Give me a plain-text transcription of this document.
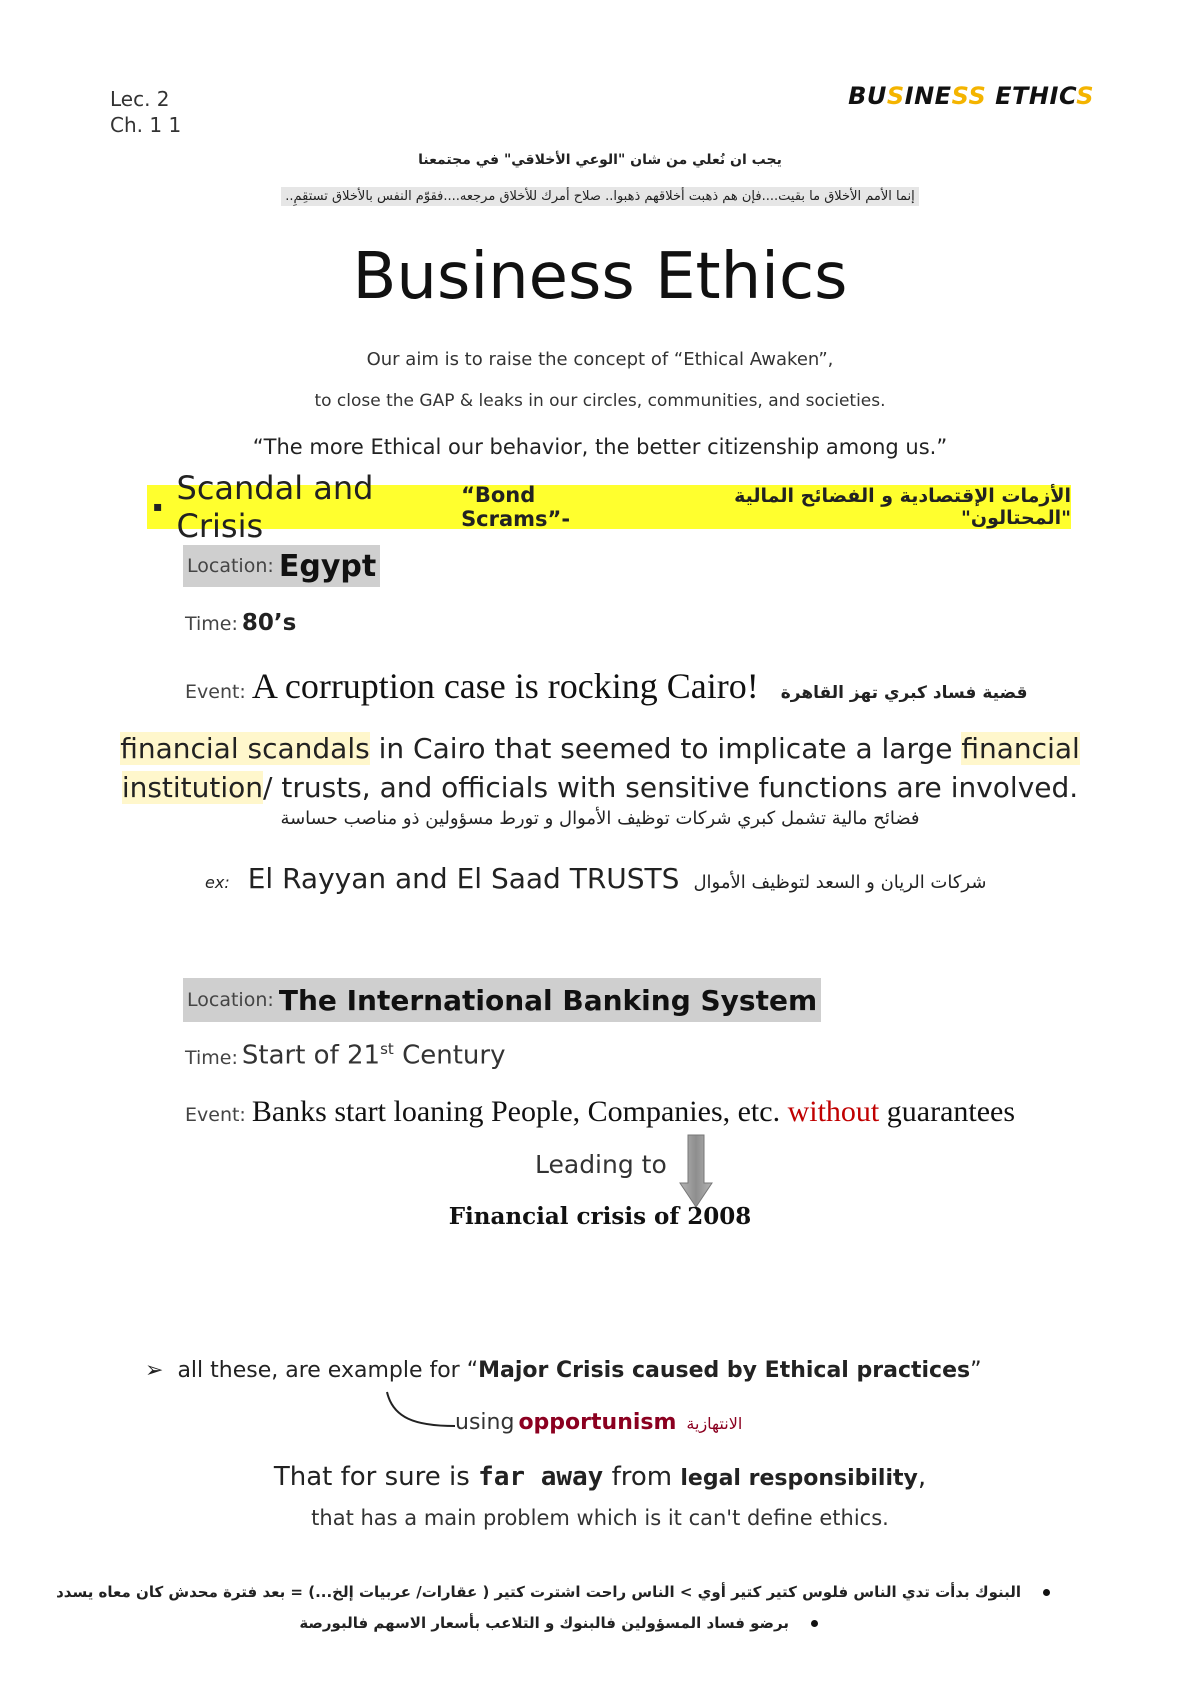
Lec. 2
Ch. 1 1
BUSINESS ETHICS
يجب ان نُعلي من شان "الوعي الأخلاقي" في مجتمعنا
إنما الأمم الأخلاق ما بقيت....فإن هم ذهبت أخلاقهم ذهبوا.. صلاح أمرك للأخلاق مرجعه....فقوّم النفس بالأخلاق تستقِمِ..
Business Ethics
Our aim is to raise the concept of “Ethical Awaken”,
to close the GAP & leaks in our circles, communities, and societies.
“The more Ethical our behavior, the better citizenship among us.”
▪ Scandal and Crisis
“Bond Scrams”-
الأزمات الإقتصادية و الفضائح المالية "المحتالون"
Location:
Egypt
Time: 80’s
Event: A corruption case is rocking Cairo! قضية فساد كبري تهز القاهرة
financial scandals in Cairo that seemed to implicate a large financial institution/ trusts, and officials with sensitive functions are involved.
فضائح مالية تشمل كبري شركات توظيف الأموال و تورط مسؤولين ذو مناصب حساسة
ex: El Rayyan and El Saad TRUSTS شركات الريان و السعد لتوظيف الأموال
Location:
The International Banking System
Time: Start of 21st Century
Event: Banks start loaning People, Companies, etc. without guarantees
Leading to
Financial crisis of 2008
➢ all these, are example for “ Major Crisis caused by Ethical practices ”
using opportunism الانتهازية
That for sure is far away from legal responsibility,
that has a main problem which is it can't define ethics.
البنوك بدأت تدي الناس فلوس كتير كتير أوي > الناس راحت اشترت كتير ( عقارات/ عربيات إلخ...) = بعد فترة محدش كان معاه يسدد
برضو فساد المسؤولين فالبنوك و التلاعب بأسعار الاسهم فالبورصة
